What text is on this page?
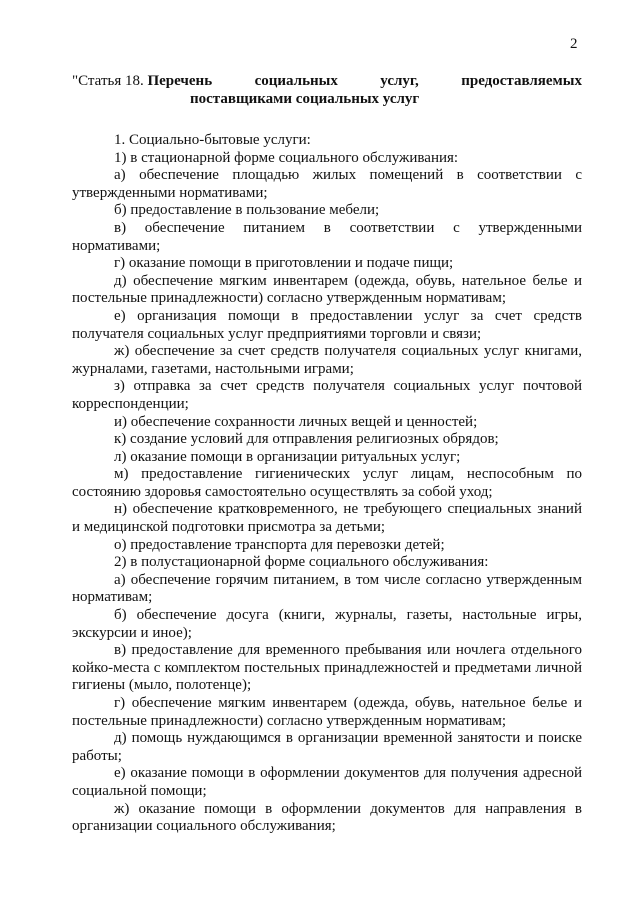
2
"Статья 18. Перечень	социальных	услуг,	предоставляемых
поставщиками социальных услуг

1. Социально-бытовые услуги:

1) в стационарной форме социального обслуживания:

а) обеспечение площадью жилых помещений в соответствии с утвержденными нормативами;

б) предоставление в пользование мебели;

в) обеспечение питанием в соответствии с утвержденными нормативами;

г) оказание помощи в приготовлении и подаче пищи;

д) обеспечение мягким инвентарем (одежда, обувь, нательное белье и постельные принадлежности) согласно утвержденным нормативам;

е) организация помощи в предоставлении услуг за счет средств получателя социальных услуг предприятиями торговли и связи;

ж) обеспечение за счет средств получателя социальных услуг книгами, журналами, газетами, настольными играми;

з) отправка за счет средств получателя социальных услуг почтовой корреспонденции;

и) обеспечение сохранности личных вещей и ценностей;

к) создание условий для отправления религиозных обрядов;

л) оказание помощи в организации ритуальных услуг;

м) предоставление гигиенических услуг лицам, неспособным по состоянию здоровья самостоятельно осуществлять за собой уход;

н) обеспечение кратковременного, не требующего специальных знаний и медицинской подготовки присмотра за детьми;

о) предоставление транспорта для перевозки детей;

2) в полустационарной форме социального обслуживания:

а) обеспечение горячим питанием, в том числе согласно утвержденным нормативам;

б) обеспечение досуга (книги, журналы, газеты, настольные игры, экскурсии и иное);

в) предоставление для временного пребывания или ночлега отдельного койко-места с комплектом постельных принадлежностей и предметами личной гигиены (мыло, полотенце);

г) обеспечение мягким инвентарем (одежда, обувь, нательное белье и постельные принадлежности) согласно утвержденным нормативам;

д) помощь нуждающимся в организации временной занятости и поиске работы;

е) оказание помощи в оформлении документов для получения адресной социальной помощи;

ж) оказание помощи в оформлении документов для направления в организации социального обслуживания;
